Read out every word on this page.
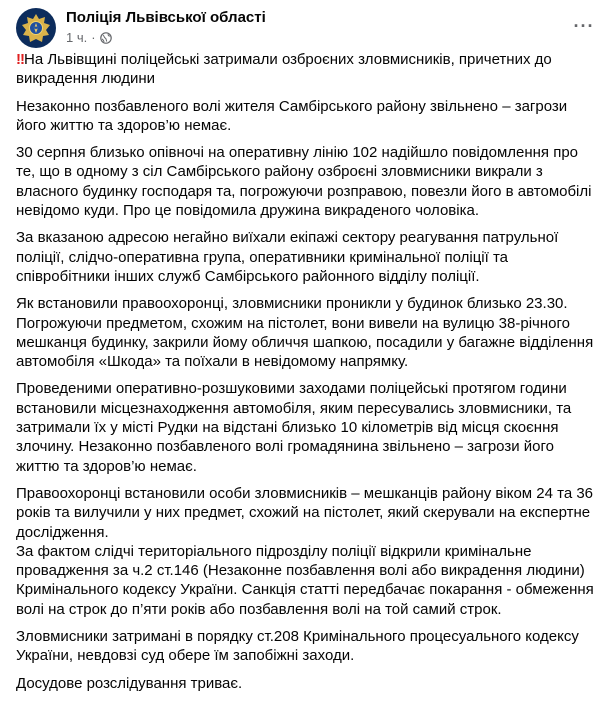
Поліція Львівської області
1 ч. ·
···

!!На Львівщині поліцейські затримали озброєних зловмисників, причетних до викрадення людини

Незаконно позбавленого волі жителя Самбірського району звільнено – загрози його життю та здоров’ю немає.

30 серпня близько опівночі на оперативну лінію 102 надійшло повідомлення про те, що в одному з сіл Самбірського району озброєні зловмисники викрали з власного будинку господаря та, погрожуючи розправою, повезли його в автомобілі невідомо куди. Про це повідомила дружина викраденого чоловіка.

За вказаною адресою негайно виїхали екіпажі сектору реагування патрульної поліції, слідчо-оперативна група, оперативники кримінальної поліції та співробітники інших служб Самбірського районного відділу поліції.

Як встановили правоохоронці, зловмисники проникли у будинок близько 23.30. Погрожуючи предметом, схожим на пістолет, вони вивели на вулицю 38-річного мешканця будинку, закрили йому обличчя шапкою, посадили у багажне відділення автомобіля «Шкода» та поїхали в невідомому напрямку.

Проведеними оперативно-розшуковими заходами поліцейські протягом години встановили місцезнаходження автомобіля, яким пересувались зловмисники, та затримали їх у місті Рудки на відстані близько 10 кілометрів від місця скоєння злочину. Незаконно позбавленого волі громадянина звільнено – загрози його життю та здоров’ю немає.

Правоохоронці встановили особи зловмисників – мешканців району віком 24 та 36 років та вилучили у них предмет, схожий на пістолет, який скерували на експертне дослідження.

За фактом слідчі територіального підрозділу поліції відкрили кримінальне провадження за ч.2 ст.146 (Незаконне позбавлення волі або викрадення людини) Кримінального кодексу України. Санкція статті передбачає покарання - обмеження волі на строк до п’яти років або позбавлення волі на той самий строк.

Зловмисники затримані в порядку ст.208 Кримінального процесуального кодексу України, невдовзі суд обере їм запобіжні заходи.

Досудове розслідування триває.
